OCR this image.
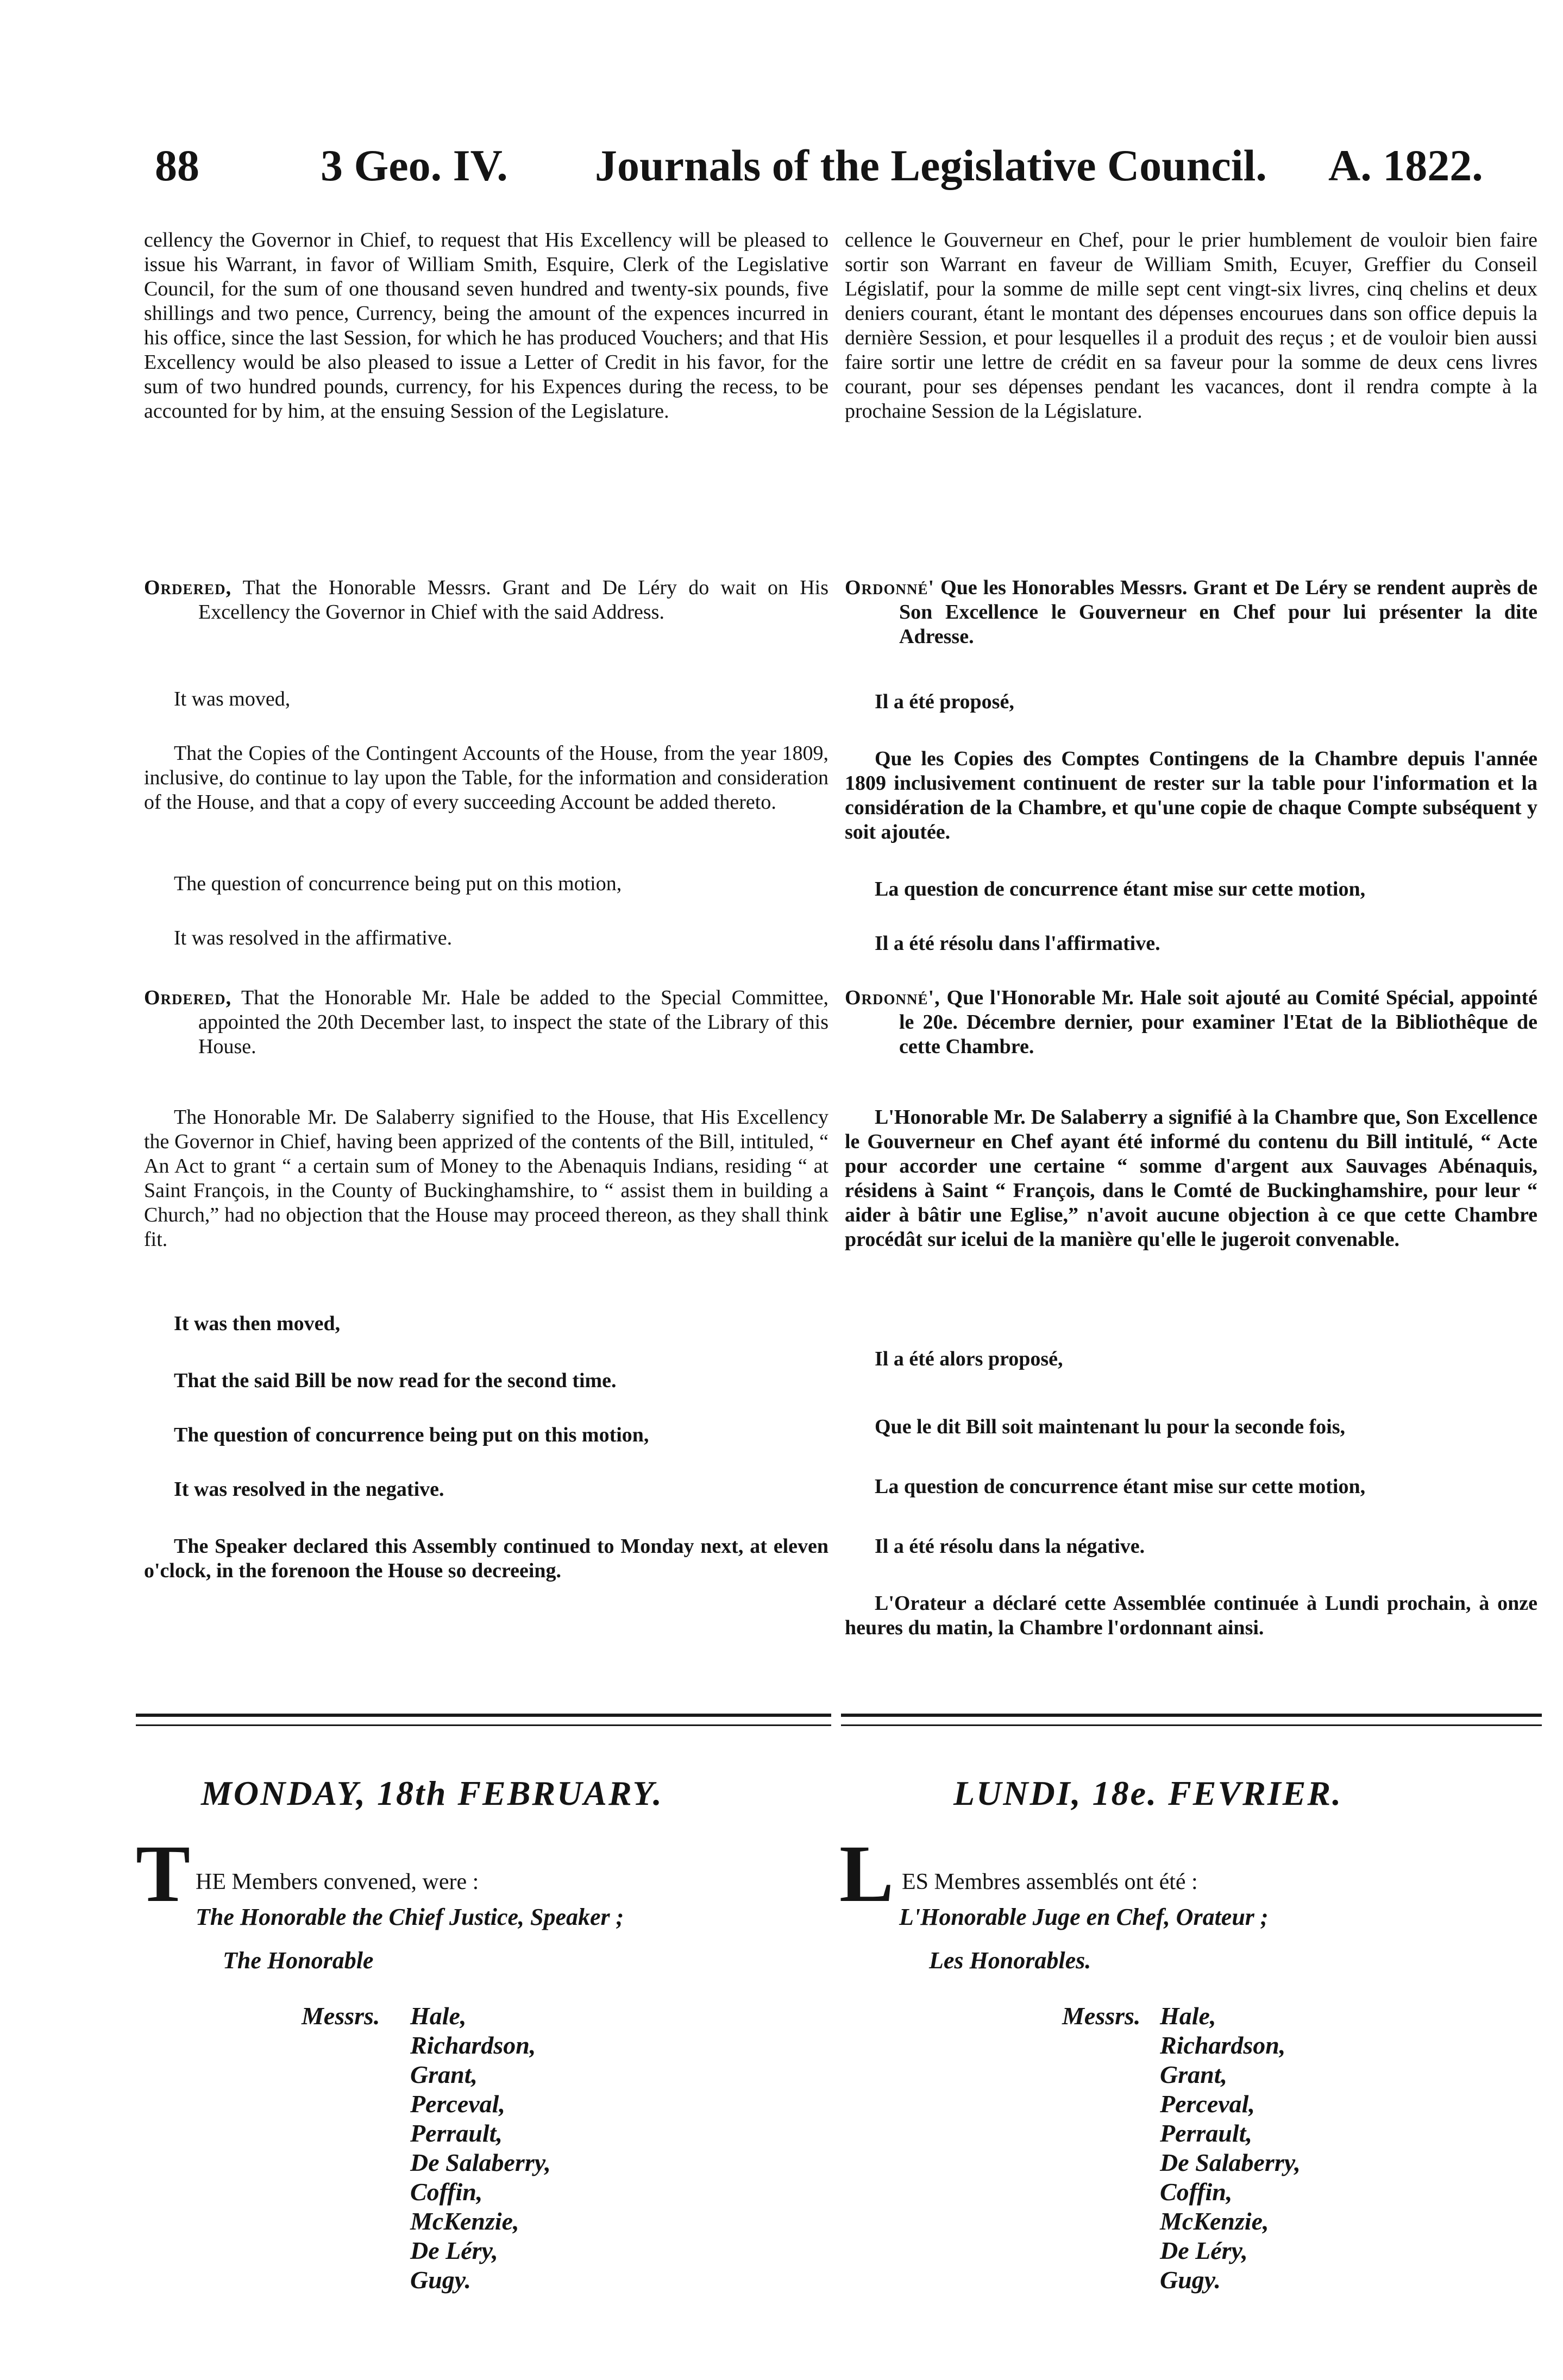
88	3 Geo. IV. Journals of the Legislative Council. A. 1822.

cellency the Governor in Chief, to request that His Excellency will be pleased to issue his Warrant, in favor of William Smith, Esquire, Clerk of the Legislative Council, for the sum of one thousand seven hundred and twenty-six pounds, five shillings and two pence, Currency, being the amount of the expences incurred in his office, since the last Session, for which he has produced Vouchers; and that His Excellency would be also pleased to issue a Letter of Credit in his favor, for the sum of two hundred pounds, currency, for his Expences during the recess, to be accounted for by him, at the ensuing Session of the Legislature.

Ordered, That the Honorable Messrs. Grant and De Léry do wait on His Excellency the Governor in Chief with the said Address.

It was moved,

That the Copies of the Contingent Accounts of the House, from the year 1809, inclusive, do continue to lay upon the Table, for the information and consideration of the House, and that a copy of every succeeding Account be added thereto.

The question of concurrence being put on this motion,

It was resolved in the affirmative.

Ordered, That the Honorable Mr. Hale be added to the Special Committee, appointed the 20th December last, to inspect the state of the Library of this House.

The Honorable Mr. De Salaberry signified to the House, that His Excellency the Governor in Chief, having been apprized of the contents of the Bill, intituled, “ An Act to grant “ a certain sum of Money to the Abenaquis Indians, residing “ at Saint François, in the County of Buckinghamshire, to “ assist them in building a Church,” had no objection that the House may proceed thereon, as they shall think fit.

It was then moved,

That the said Bill be now read for the second time.

The question of concurrence being put on this motion,

It was resolved in the negative.

The Speaker declared this Assembly continued to Monday next, at eleven o'clock, in the forenoon the House so decreeing.

cellence le Gouverneur en Chef, pour le prier humblement de vouloir bien faire sortir son Warrant en faveur de William Smith, Ecuyer, Greffier du Conseil Législatif, pour la somme de mille sept cent vingt-six livres, cinq chelins et deux deniers courant, étant le montant des dépenses encourues dans son office depuis la dernière Session, et pour lesquelles il a produit des reçus ; et de vouloir bien aussi faire sortir une lettre de crédit en sa faveur pour la somme de deux cens livres courant, pour ses dépenses pendant les vacances, dont il rendra compte à la prochaine Session de la Législature.

Ordonné' Que les Honorables Messrs. Grant et De Léry se rendent auprès de Son Excellence le Gouverneur en Chef pour lui présenter la dite Adresse.

Il a été proposé,

Que les Copies des Comptes Contingens de la Chambre depuis l'année 1809 inclusivement continuent de rester sur la table pour l'information et la considération de la Chambre, et qu'une copie de chaque Compte subséquent y soit ajoutée.

La question de concurrence étant mise sur cette motion,

Il a été résolu dans l'affirmative.

Ordonné', Que l'Honorable Mr. Hale soit ajouté au Comité Spécial, appointé le 20e. Décembre dernier, pour examiner l'Etat de la Bibliothêque de cette Chambre.

L'Honorable Mr. De Salaberry a signifié à la Chambre que, Son Excellence le Gouverneur en Chef ayant été informé du contenu du Bill intitulé, “ Acte pour accorder une certaine “ somme d'argent aux Sauvages Abénaquis, résidens à Saint “ François, dans le Comté de Buckinghamshire, pour leur “ aider à bâtir une Eglise,” n'avoit aucune objection à ce que cette Chambre procédât sur icelui de la manière qu'elle le jugeroit convenable.

Il a été alors proposé,

Que le dit Bill soit maintenant lu pour la seconde fois,

La question de concurrence étant mise sur cette motion,

Il a été résolu dans la négative.

L'Orateur a déclaré cette Assemblée continuée à Lundi prochain, à onze heures du matin, la Chambre l'ordonnant ainsi.

MONDAY, 18th FEBRUARY.
T HE Members convened, were :
The Honorable the Chief Justice, Speaker ;
The Honorable
Messrs. Hale,
Richardson,
Grant,
Perceval,
Perrault,
De Salaberry,
Coffin,
McKenzie,
De Léry,
Gugy.
LUNDI, 18e. FEVRIER.
L ES Membres assemblés ont été :
L'Honorable Juge en Chef, Orateur ;
Les Honorables.
Messrs. Hale,
Richardson,
Grant,
Perceval,
Perrault,
De Salaberry,
Coffin,
McKenzie,
De Léry,
Gugy.
